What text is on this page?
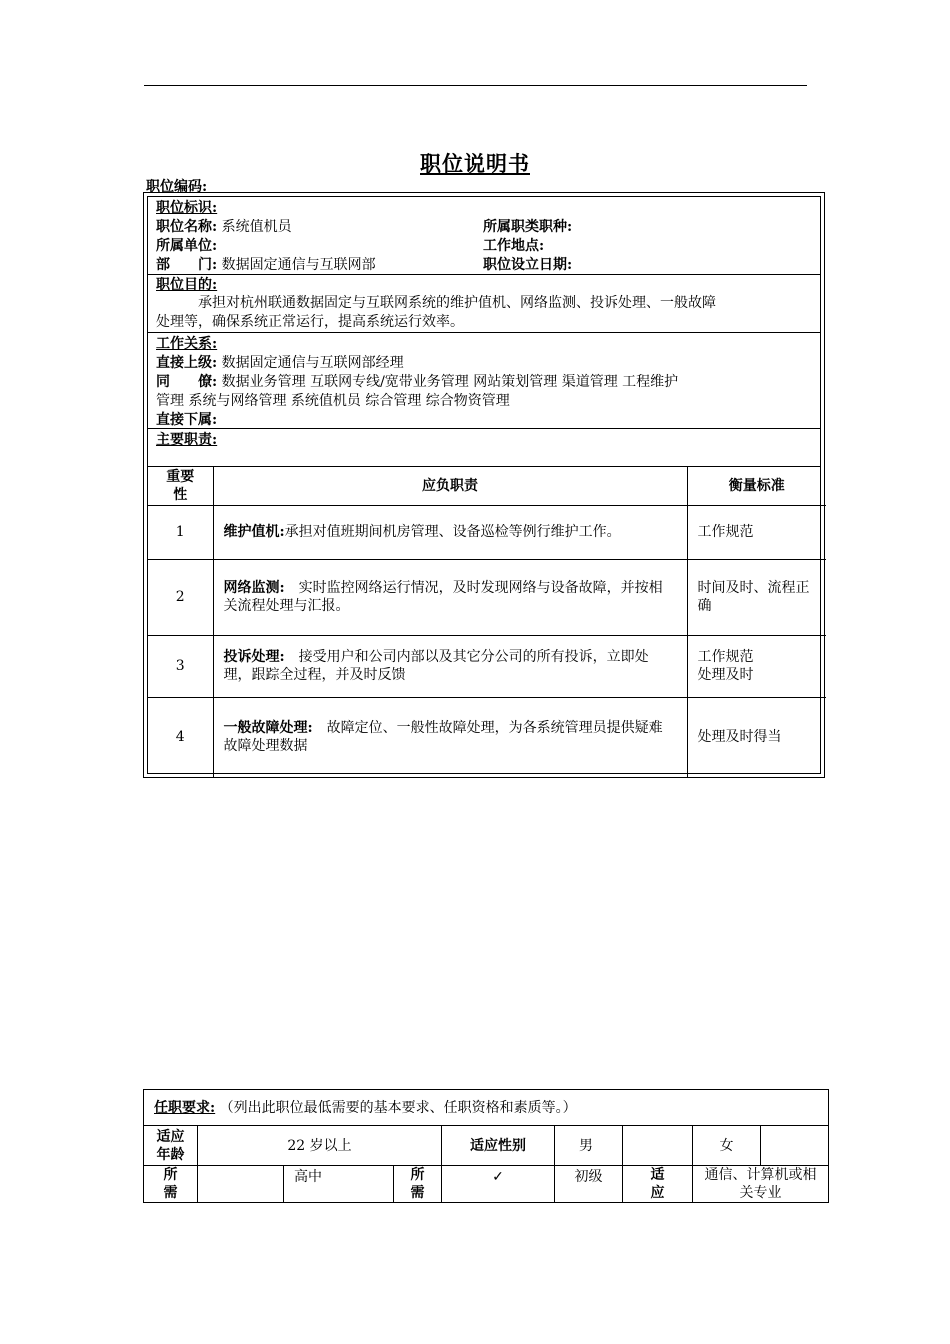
职位说明书
职位编码:
职位标识:
职位名称: 系统值机员	所属职类职种:
所属单位:	工作地点:
部　　门: 数据固定通信与互联网部	职位设立日期:
职位目的:
承担对杭州联通数据固定与互联网系统的维护值机、网络监测、投诉处理、一般故障
处理等，确保系统正常运行，提高系统运行效率。
工作关系:
直接上级: 数据固定通信与互联网部经理
同　　僚: 数据业务管理 互联网专线/宽带业务管理 网站策划管理 渠道管理 工程维护
管理 系统与网络管理 系统值机员 综合管理 综合物资管理
直接下属:
主要职责:
重要性	应负职责	衡量标准
1	维护值机:承担对值班期间机房管理、设备巡检等例行维护工作。	工作规范
2	网络监测:　实时监控网络运行情况，及时发现网络与设备故障，并按相关流程处理与汇报。	时间及时、流程正确
3	投诉处理:　接受用户和公司内部以及其它分公司的所有投诉，立即处理，跟踪全过程，并及时反馈	工作规范
处理及时
4	一般故障处理:　故障定位、一般性故障处理，为各系统管理员提供疑难故障处理数据	处理及时得当
任职要求: （列出此职位最低需要的基本要求、任职资格和素质等。）								
适应年龄	22 岁以上			适应性别	男		女	
所需		高中	所需	✓	初级	适应	通信、计算机或相关专业	
